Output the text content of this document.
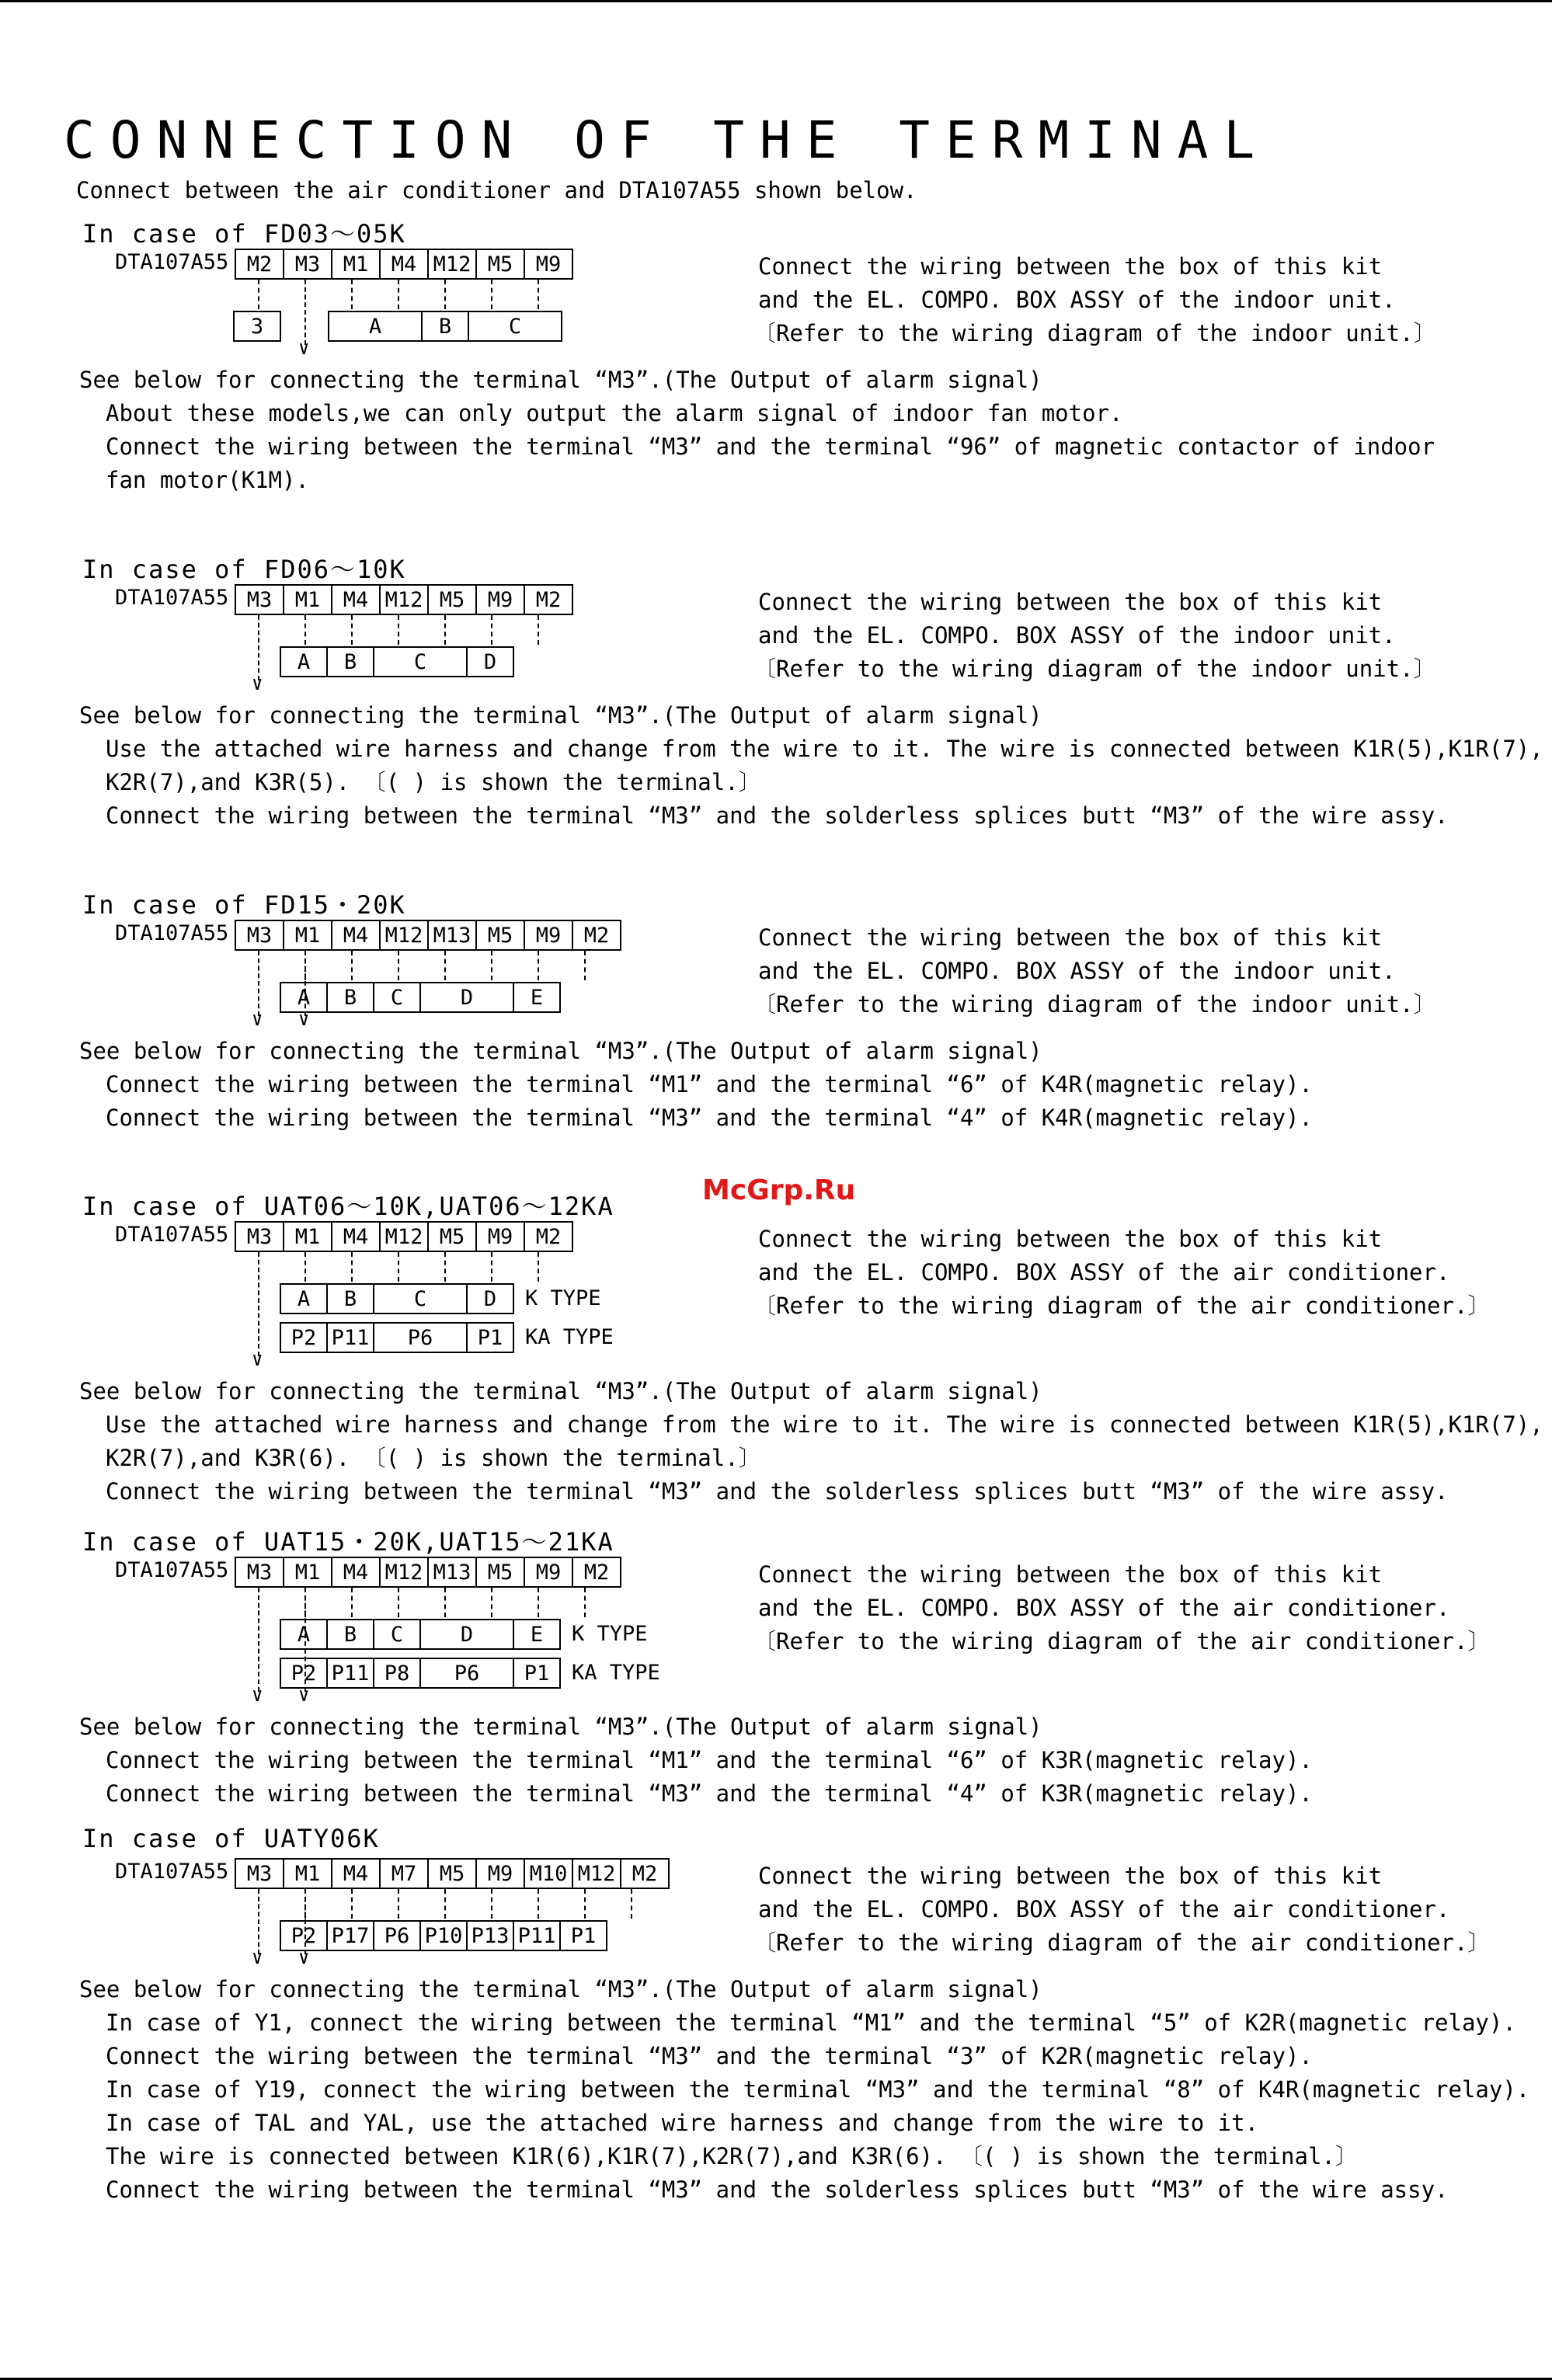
CONNECTION OF THE TERMINAL
Connect between the air conditioner and DTA107A55 shown below.
McGrp.Ru
In case of FD03〜05K
DTA107A55 M2	M3	M1	M4 M12 M5	M9
3	A	B	C
∨
Connect the wiring between the box of this kit
and the EL. COMPO. BOX ASSY of the indoor unit.
〔Refer to the wiring diagram of the indoor unit.〕
See below for connecting the terminal “M3”.(The Output of alarm signal)
About these models,we can only output the alarm signal of indoor fan motor.
Connect the wiring between the terminal “M3” and the terminal “96” of magnetic contactor of indoor
fan motor(K1M).
In case of FD06〜10K
DTA107A55 M3	M1	M4 M12 M5	M9	M2
A	B	C	D
∨
Connect the wiring between the box of this kit
and the EL. COMPO. BOX ASSY of the indoor unit.
〔Refer to the wiring diagram of the indoor unit.〕
See below for connecting the terminal “M3”.(The Output of alarm signal)
Use the attached wire harness and change from the wire to it. The wire is connected between K1R(5),K1R(7),
K2R(7),and K3R(5). 〔( ) is shown the terminal.〕
Connect the wiring between the terminal “M3” and the solderless splices butt “M3” of the wire assy.
In case of FD15・20K
DTA107A55 M3	M1	M4 M12 M13 M5	M9	M2
A	B	C	D	E
∨ ∨
Connect the wiring between the box of this kit
and the EL. COMPO. BOX ASSY of the indoor unit.
〔Refer to the wiring diagram of the indoor unit.〕
See below for connecting the terminal “M3”.(The Output of alarm signal)
Connect the wiring between the terminal “M1” and the terminal “6” of K4R(magnetic relay).
Connect the wiring between the terminal “M3” and the terminal “4” of K4R(magnetic relay).
In case of UAT06〜10K,UAT06〜12KA
DTA107A55 M3	M1	M4 M12 M5	M9	M2
A	B	C	D	K TYPE
P2 P11	P6	P1	KA TYPE
∨
Connect the wiring between the box of this kit
and the EL. COMPO. BOX ASSY of the air conditioner.
〔Refer to the wiring diagram of the air conditioner.〕
See below for connecting the terminal “M3”.(The Output of alarm signal)
Use the attached wire harness and change from the wire to it. The wire is connected between K1R(5),K1R(7),
K2R(7),and K3R(6). 〔( ) is shown the terminal.〕
Connect the wiring between the terminal “M3” and the solderless splices butt “M3” of the wire assy.
In case of UAT15・20K,UAT15〜21KA
DTA107A55 M3	M1	M4 M12 M13 M5	M9	M2
A	B	C	D	E	K TYPE
P2 P11 P8	P6	P1	KA TYPE
∨ ∨
Connect the wiring between the box of this kit
and the EL. COMPO. BOX ASSY of the air conditioner.
〔Refer to the wiring diagram of the air conditioner.〕
See below for connecting the terminal “M3”.(The Output of alarm signal)
Connect the wiring between the terminal “M1” and the terminal “6” of K3R(magnetic relay).
Connect the wiring between the terminal “M3” and the terminal “4” of K3R(magnetic relay).
In case of UATY06K
DTA107A55 M3	M1	M4	M7	M5	M9 M10 M12 M2
P2 P17 P6 P10 P13 P11 P1
∨ ∨
Connect the wiring between the box of this kit
and the EL. COMPO. BOX ASSY of the air conditioner.
〔Refer to the wiring diagram of the air conditioner.〕
See below for connecting the terminal “M3”.(The Output of alarm signal)
In case of Y1, connect the wiring between the terminal “M1” and the terminal “5” of K2R(magnetic relay).
Connect the wiring between the terminal “M3” and the terminal “3” of K2R(magnetic relay).
In case of Y19, connect the wiring between the terminal “M3” and the terminal “8” of K4R(magnetic relay).
In case of TAL and YAL, use the attached wire harness and change from the wire to it.
The wire is connected between K1R(6),K1R(7),K2R(7),and K3R(6). 〔( ) is shown the terminal.〕
Connect the wiring between the terminal “M3” and the solderless splices butt “M3” of the wire assy.
